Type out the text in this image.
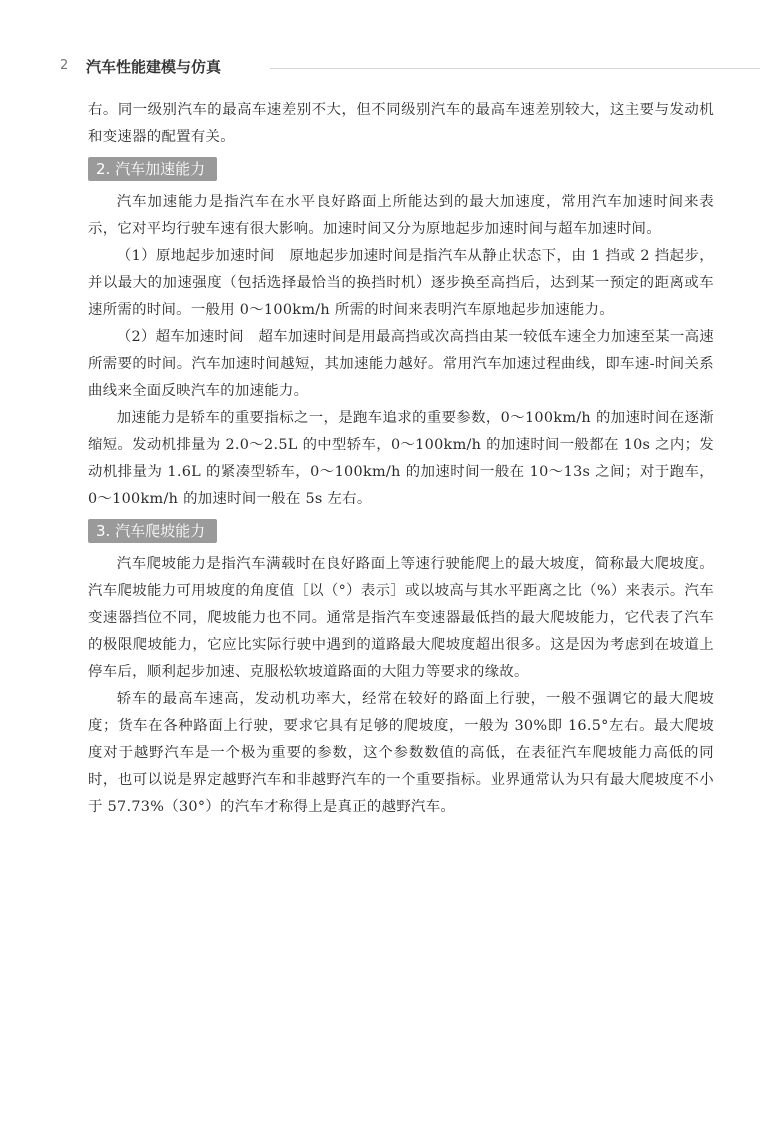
2 汽车性能建模与仿真

右。同一级别汽车的最高车速差别不大，但不同级别汽车的最高车速差别较大，这主要与发动机和变速器的配置有关。

2. 汽车加速能力

汽车加速能力是指汽车在水平良好路面上所能达到的最大加速度，常用汽车加速时间来表示，它对平均行驶车速有很大影响。加速时间又分为原地起步加速时间与超车加速时间。

（1）原地起步加速时间　原地起步加速时间是指汽车从静止状态下，由 1 挡或 2 挡起步，并以最大的加速强度（包括选择最恰当的换挡时机）逐步换至高挡后，达到某一预定的距离或车速所需的时间。一般用 0～100km/h 所需的时间来表明汽车原地起步加速能力。

（2）超车加速时间　超车加速时间是用最高挡或次高挡由某一较低车速全力加速至某一高速所需要的时间。汽车加速时间越短，其加速能力越好。常用汽车加速过程曲线，即车速-时间关系曲线来全面反映汽车的加速能力。

加速能力是轿车的重要指标之一，是跑车追求的重要参数，0～100km/h 的加速时间在逐渐缩短。发动机排量为 2.0～2.5L 的中型轿车，0～100km/h 的加速时间一般都在 10s 之内；发动机排量为 1.6L 的紧凑型轿车，0～100km/h 的加速时间一般在 10～13s 之间；对于跑车，0～100km/h 的加速时间一般在 5s 左右。

3. 汽车爬坡能力

汽车爬坡能力是指汽车满载时在良好路面上等速行驶能爬上的最大坡度，简称最大爬坡度。汽车爬坡能力可用坡度的角度值［以（°）表示］或以坡高与其水平距离之比（%）来表示。汽车变速器挡位不同，爬坡能力也不同。通常是指汽车变速器最低挡的最大爬坡能力，它代表了汽车的极限爬坡能力，它应比实际行驶中遇到的道路最大爬坡度超出很多。这是因为考虑到在坡道上停车后，顺利起步加速、克服松软坡道路面的大阻力等要求的缘故。

轿车的最高车速高，发动机功率大，经常在较好的路面上行驶，一般不强调它的最大爬坡度；货车在各种路面上行驶，要求它具有足够的爬坡度，一般为 30%即 16.5°左右。最大爬坡度对于越野汽车是一个极为重要的参数，这个参数数值的高低，在表征汽车爬坡能力高低的同时，也可以说是界定越野汽车和非越野汽车的一个重要指标。业界通常认为只有最大爬坡度不小于 57.73%（30°）的汽车才称得上是真正的越野汽车。
